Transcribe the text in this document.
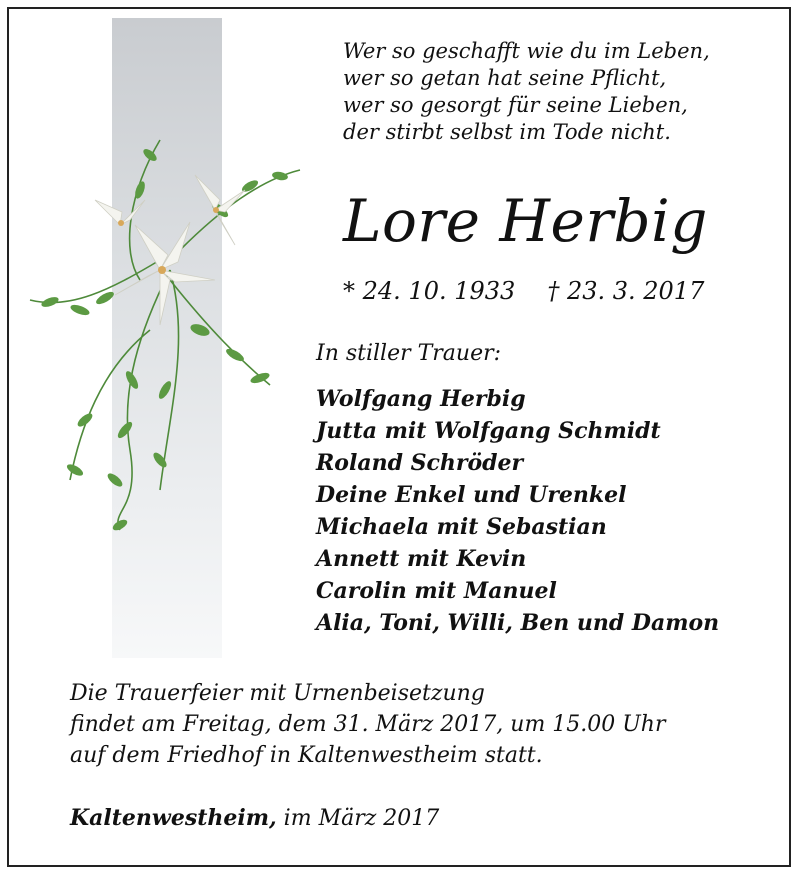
Wer so geschafft wie du im Leben,
wer so getan hat seine Pflicht,
wer so gesorgt für seine Lieben,
der stirbt selbst im Tode nicht.
Lore Herbig
* 24. 10. 1933 † 23. 3. 2017
In stiller Trauer:
Wolfgang Herbig
Jutta mit Wolfgang Schmidt
Roland Schröder
Deine Enkel und Urenkel
Michaela mit Sebastian
Annett mit Kevin
Carolin mit Manuel
Alia, Toni, Willi, Ben und Damon
Die Trauerfeier mit Urnenbeisetzung
findet am Freitag, dem 31. März 2017, um 15.00 Uhr
auf dem Friedhof in Kaltenwestheim statt.
Kaltenwestheim, im März 2017
